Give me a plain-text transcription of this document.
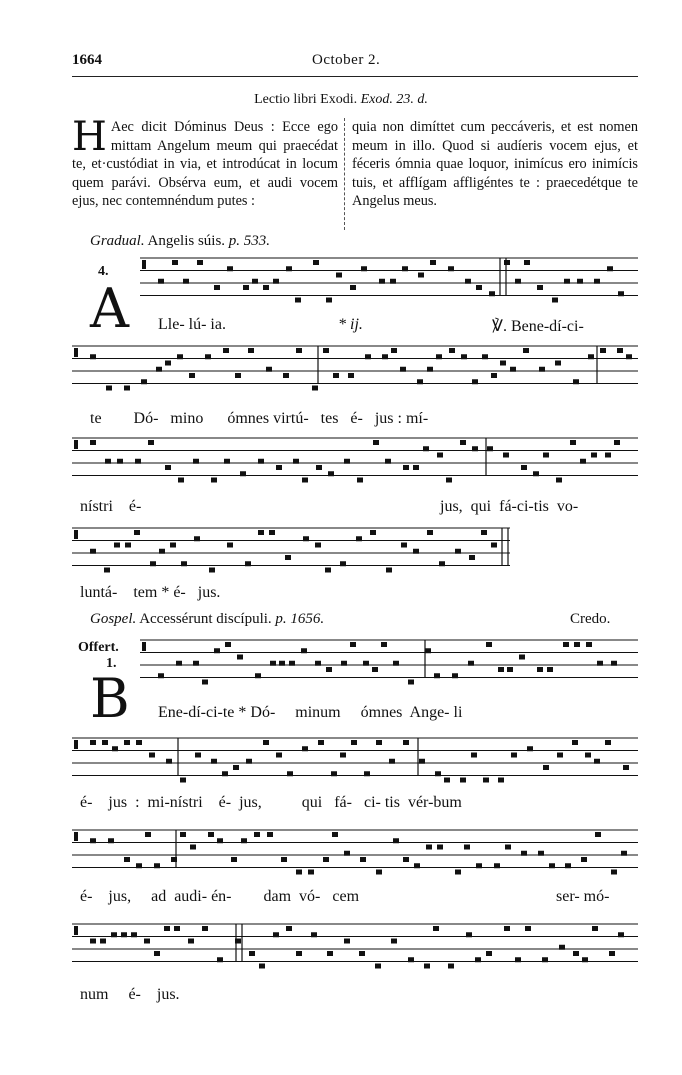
1664	October 2.
Lectio libri Exodi. Exod. 23. d.
H Aec dicit Dóminus Deus : Ecce ego mittam Angelum meum qui praecédat te, et·custódiat in via, et introdúcat in locum quem parávi. Obsérva eum, et audi vocem ejus, nec contemnéndum putes :

quia non dimíttet cum peccáveris, et est nomen meum in illo. Quod si audíeris vocem ejus, et féceris ómnia quae loquor, inimícus ero inimícis tuis, et afflígam affligéntes te : praecedétque te Angelus meus.

Gradual. Angelis súis. p. 533.
4.
A Lle- lú- ia.	* ij.	℣. Bene-dí-ci-
te        Dó-   mino      ómnes virtú-   tes   é-   jus : mí-
nístri    é-	jus,  qui  fá-ci-tis  vo-
luntá-    tem * é-   jus.
Gospel. Accessérunt discípuli. p. 1656.	Credo.
Offert.
1.
B Ene-dí-ci-te * Dó-     minum     ómnes  Ange- li
é-    jus  :  mi-nístri    é-  jus,          qui   fá-   ci- tis  vér-bum
é-    jus,     ad  audi- én-        dam  vó-   cem	ser- mó-
num     é-    jus.
